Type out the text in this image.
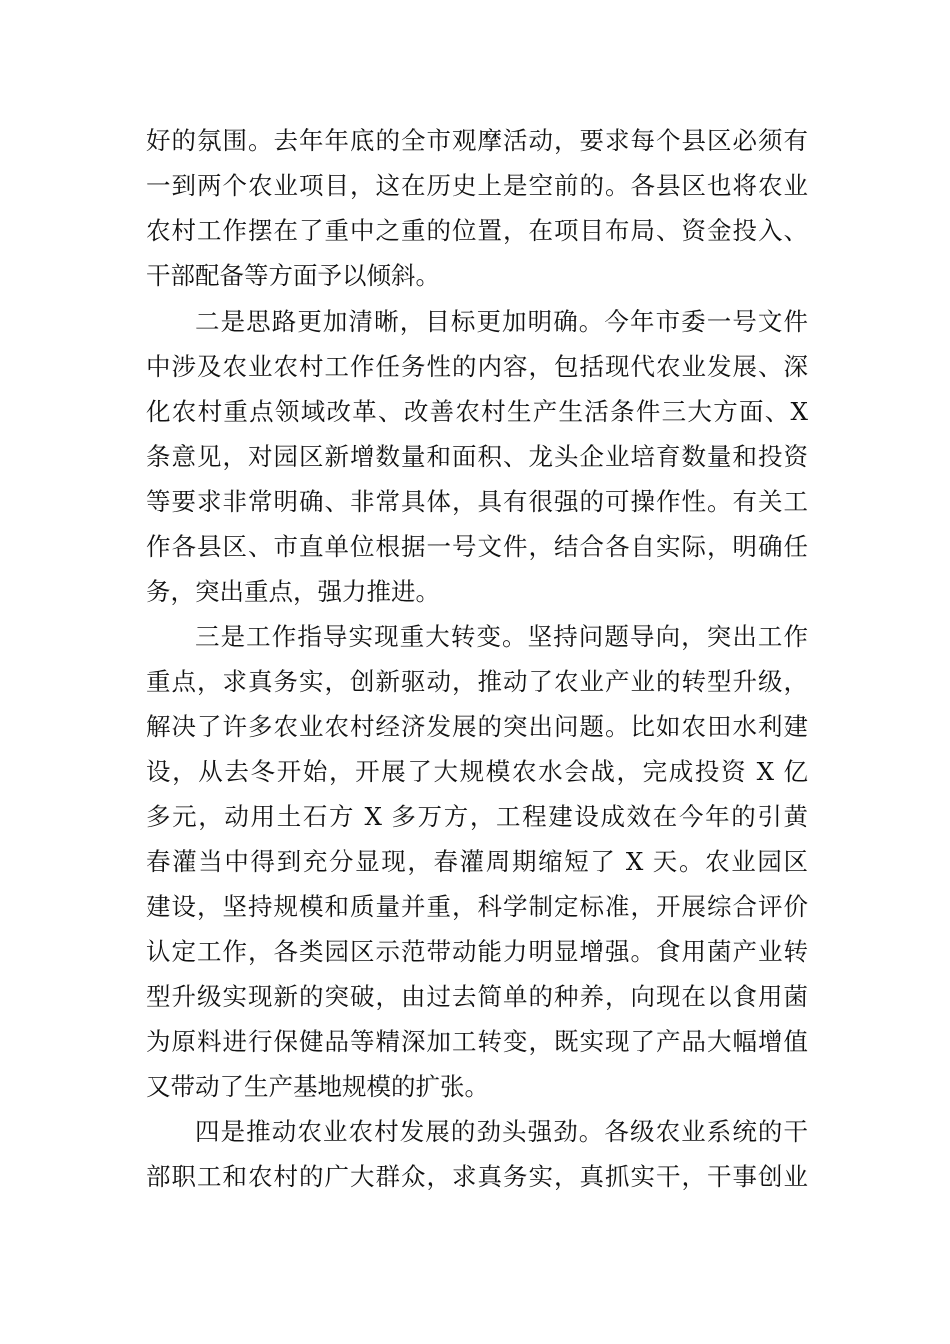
好的氛围。去年年底的全市观摩活动，要求每个县区必须有
一到两个农业项目，这在历史上是空前的。各县区也将农业
农村工作摆在了重中之重的位置，在项目布局、资金投入、
干部配备等方面予以倾斜。
二是思路更加清晰，目标更加明确。今年市委一号文件
中涉及农业农村工作任务性的内容，包括现代农业发展、深
化农村重点领域改革、改善农村生产生活条件三大方面、X
条意见，对园区新增数量和面积、龙头企业培育数量和投资
等要求非常明确、非常具体，具有很强的可操作性。有关工
作各县区、市直单位根据一号文件，结合各自实际，明确任
务，突出重点，强力推进。
三是工作指导实现重大转变。坚持问题导向，突出工作
重点，求真务实，创新驱动，推动了农业产业的转型升级，
解决了许多农业农村经济发展的突出问题。比如农田水利建
设，从去冬开始，开展了大规模农水会战，完成投资 X 亿
多元，动用土石方 X 多万方，工程建设成效在今年的引黄
春灌当中得到充分显现，春灌周期缩短了 X 天。农业园区
建设，坚持规模和质量并重，科学制定标准，开展综合评价
认定工作，各类园区示范带动能力明显增强。食用菌产业转
型升级实现新的突破，由过去简单的种养，向现在以食用菌
为原料进行保健品等精深加工转变，既实现了产品大幅增值
又带动了生产基地规模的扩张。
四是推动农业农村发展的劲头强劲。各级农业系统的干
部职工和农村的广大群众，求真务实，真抓实干，干事创业
